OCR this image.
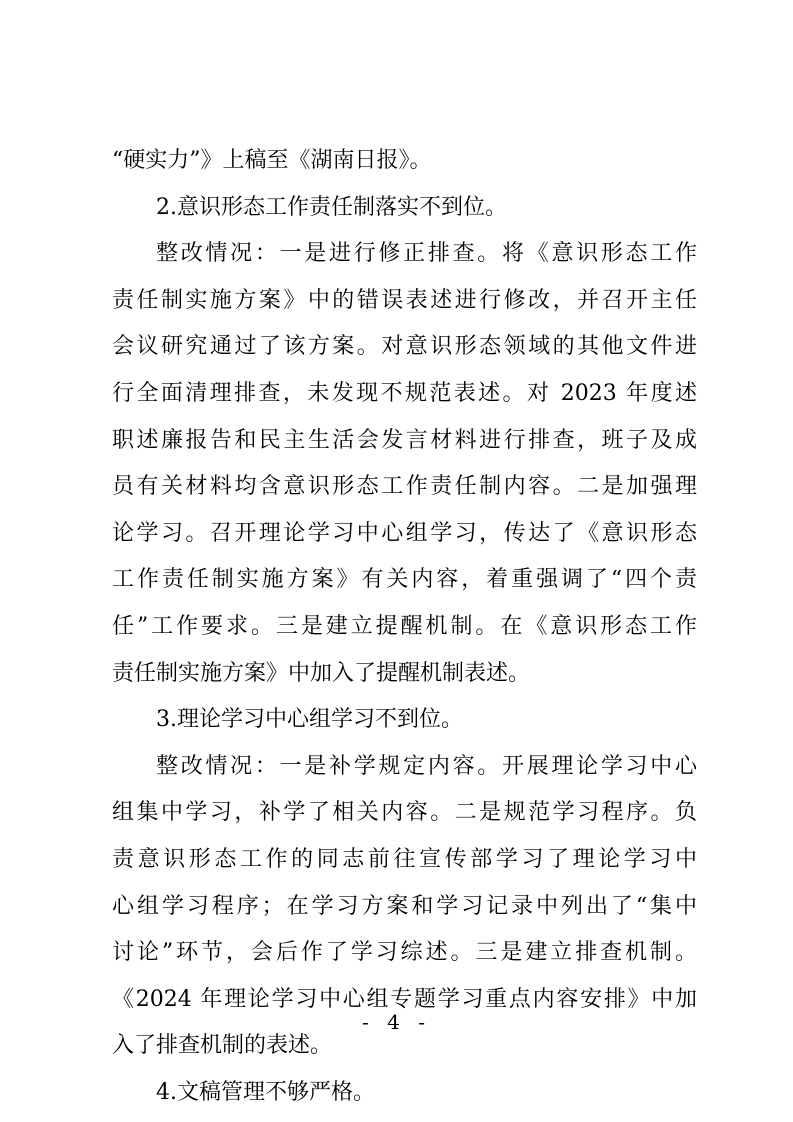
“硬实力”》上稿至《湖南日报》。
2.意识形态工作责任制落实不到位。
整改情况：一是进行修正排查。将《意识形态工作
责任制实施方案》中的错误表述进行修改，并召开主任
会议研究通过了该方案。对意识形态领域的其他文件进
行全面清理排查，未发现不规范表述。对 2023 年度述
职述廉报告和民主生活会发言材料进行排查，班子及成
员有关材料均含意识形态工作责任制内容。二是加强理
论学习。召开理论学习中心组学习，传达了《意识形态
工作责任制实施方案》有关内容，着重强调了“四个责
任”工作要求。三是建立提醒机制。在《意识形态工作
责任制实施方案》中加入了提醒机制表述。
3.理论学习中心组学习不到位。
整改情况：一是补学规定内容。开展理论学习中心
组集中学习，补学了相关内容。二是规范学习程序。负
责意识形态工作的同志前往宣传部学习了理论学习中
心组学习程序；在学习方案和学习记录中列出了“集中
讨论”环节，会后作了学习综述。三是建立排查机制。
《2024 年理论学习中心组专题学习重点内容安排》中加
入了排查机制的表述。
4.文稿管理不够严格。
- 4 -
